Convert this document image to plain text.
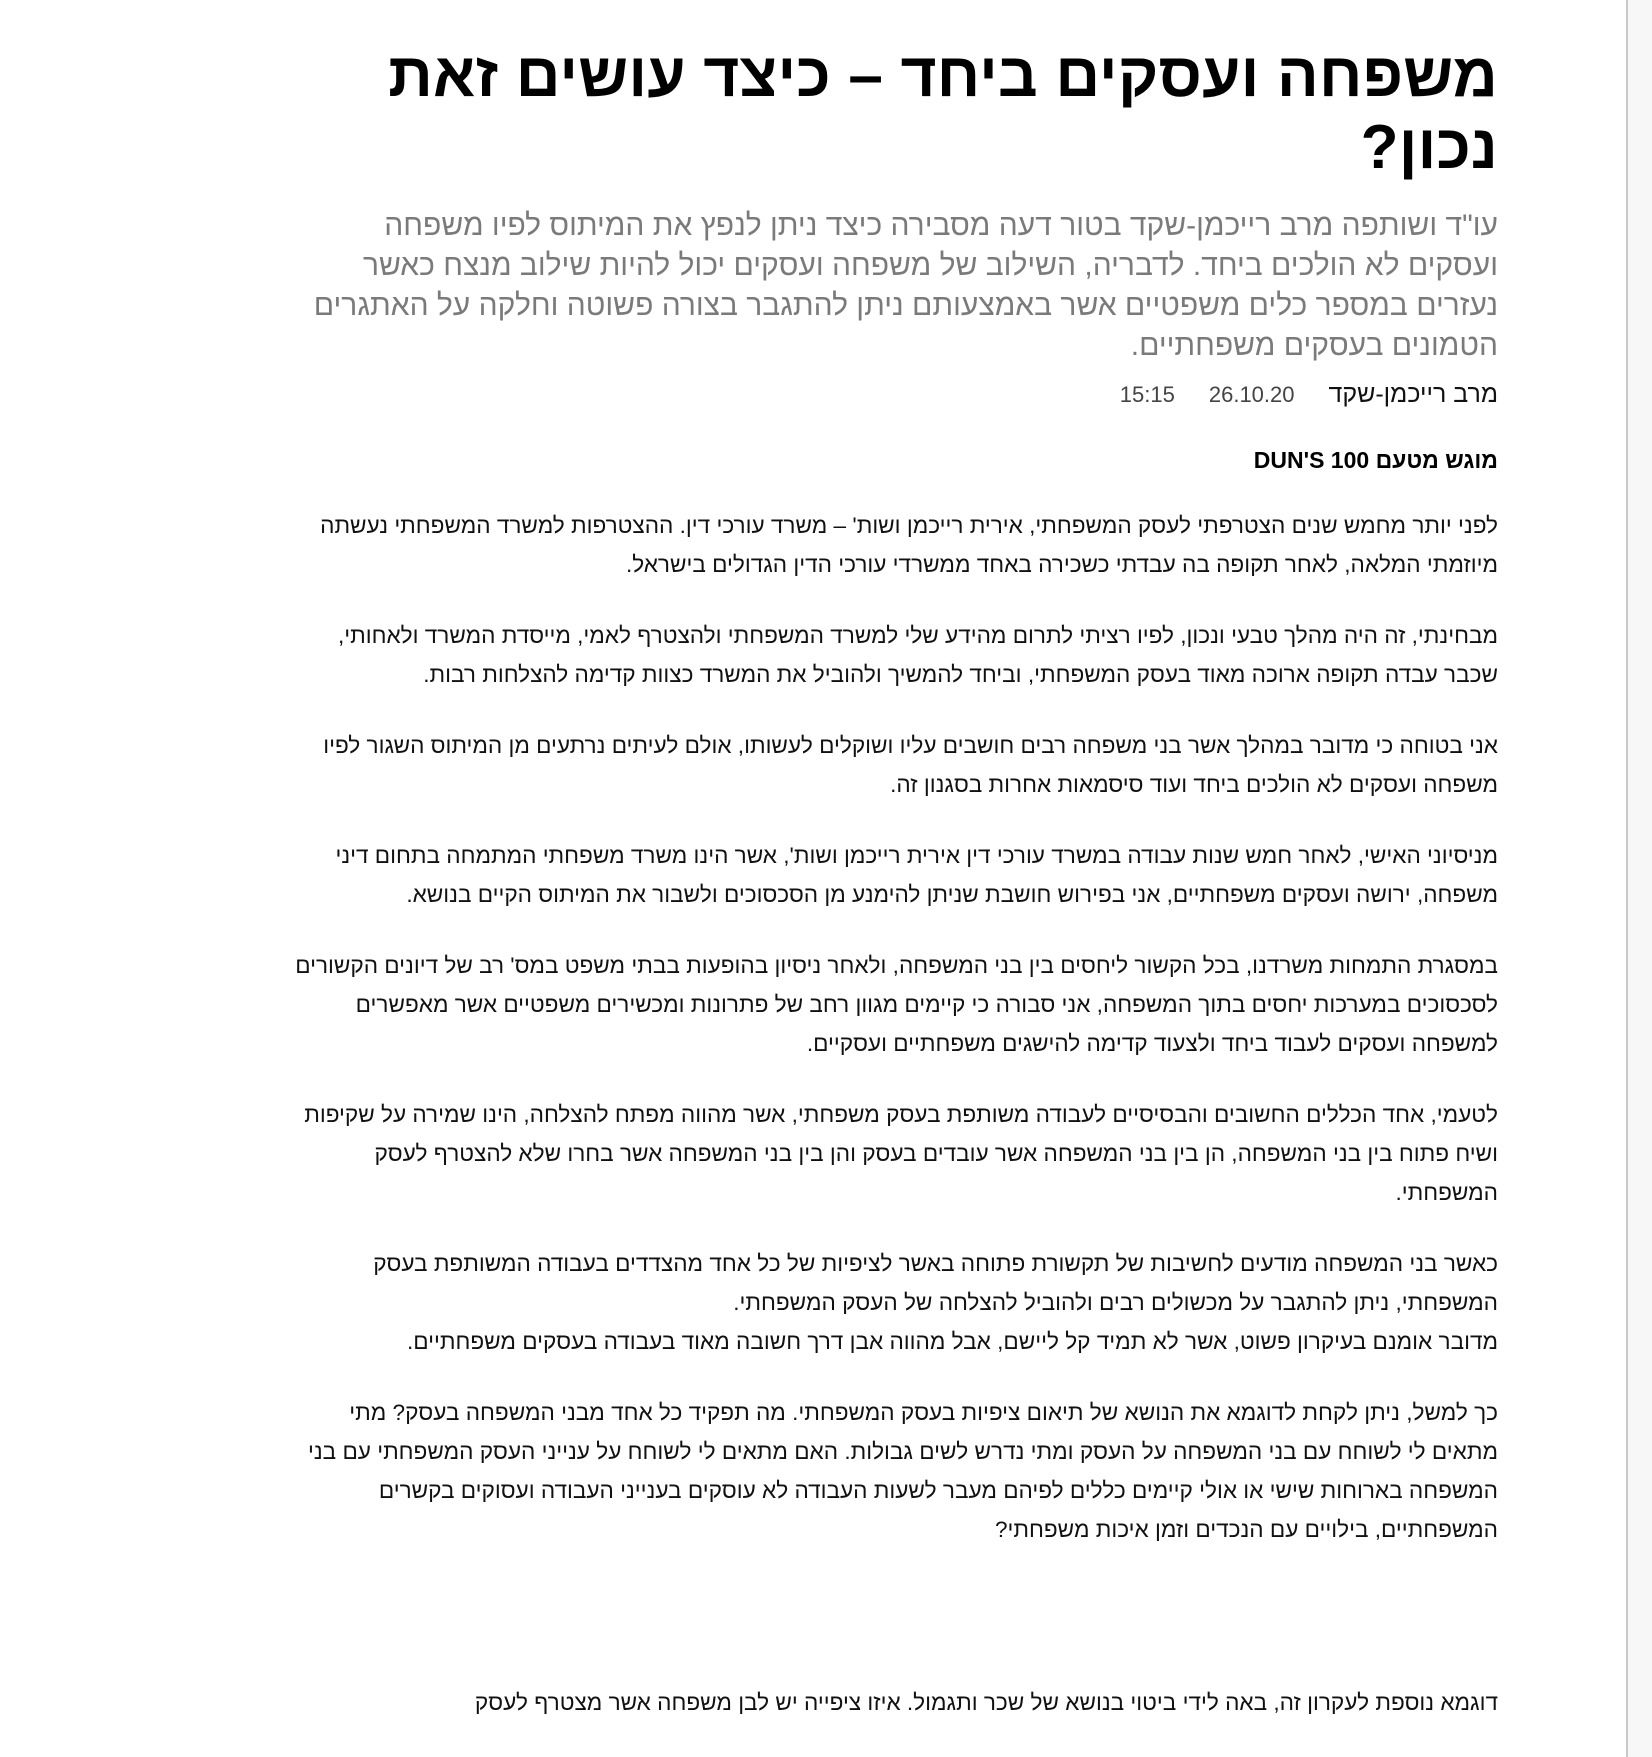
משפחה ועסקים ביחד – כיצד עושים זאת נכון?

עו"ד ושותפה מרב רייכמן-שקד בטור דעה מסבירה כיצד ניתן לנפץ את המיתוס לפיו משפחה ועסקים לא הולכים ביחד. לדבריה, השילוב של משפחה ועסקים יכול להיות שילוב מנצח כאשר נעזרים במספר כלים משפטיים אשר באמצעותם ניתן להתגבר בצורה פשוטה וחלקה על האתגרים הטמונים בעסקים משפחתיים.

מרב רייכמן-שקד
26.10.20
15:15
מוגש מטעם DUN'S 100

לפני יותר מחמש שנים הצטרפתי לעסק המשפחתי, אירית רייכמן ושות' – משרד עורכי דין. ההצטרפות למשרד המשפחתי נעשתה מיוזמתי המלאה, לאחר תקופה בה עבדתי כשכירה באחד ממשרדי עורכי הדין הגדולים בישראל.

מבחינתי, זה היה מהלך טבעי ונכון, לפיו רציתי לתרום מהידע שלי למשרד המשפחתי ולהצטרף לאמי, מייסדת המשרד ולאחותי, שכבר עבדה תקופה ארוכה מאוד בעסק המשפחתי, וביחד להמשיך ולהוביל את המשרד כצוות קדימה להצלחות רבות.

אני בטוחה כי מדובר במהלך אשר בני משפחה רבים חושבים עליו ושוקלים לעשותו, אולם לעיתים נרתעים מן המיתוס השגור לפיו משפחה ועסקים לא הולכים ביחד ועוד סיסמאות אחרות בסגנון זה.

מניסיוני האישי, לאחר חמש שנות עבודה במשרד עורכי דין אירית רייכמן ושות', אשר הינו משרד משפחתי המתמחה בתחום דיני משפחה, ירושה ועסקים משפחתיים, אני בפירוש חושבת שניתן להימנע מן הסכסוכים ולשבור את המיתוס הקיים בנושא.

במסגרת התמחות משרדנו, בכל הקשור ליחסים בין בני המשפחה, ולאחר ניסיון בהופעות בבתי משפט במס' רב של דיונים הקשורים לסכסוכים במערכות יחסים בתוך המשפחה, אני סבורה כי קיימים מגוון רחב של פתרונות ומכשירים משפטיים אשר מאפשרים למשפחה ועסקים לעבוד ביחד ולצעוד קדימה להישגים משפחתיים ועסקיים.

לטעמי, אחד הכללים החשובים והבסיסיים לעבודה משותפת בעסק משפחתי, אשר מהווה מפתח להצלחה, הינו שמירה על שקיפות ושיח פתוח בין בני המשפחה, הן בין בני המשפחה אשר עובדים בעסק והן בין בני המשפחה אשר בחרו שלא להצטרף לעסק המשפחתי.

כאשר בני המשפחה מודעים לחשיבות של תקשורת פתוחה באשר לציפיות של כל אחד מהצדדים בעבודה המשותפת בעסק המשפחתי, ניתן להתגבר על מכשולים רבים ולהוביל להצלחה של העסק המשפחתי.

מדובר אומנם בעיקרון פשוט, אשר לא תמיד קל ליישם, אבל מהווה אבן דרך חשובה מאוד בעבודה בעסקים משפחתיים.

כך למשל, ניתן לקחת לדוגמא את הנושא של תיאום ציפיות בעסק המשפחתי. מה תפקיד כל אחד מבני המשפחה בעסק? מתי מתאים לי לשוחח עם בני המשפחה על העסק ומתי נדרש לשים גבולות. האם מתאים לי לשוחח על ענייני העסק המשפחתי עם בני המשפחה בארוחות שישי או אולי קיימים כללים לפיהם מעבר לשעות העבודה לא עוסקים בענייני העבודה ועסוקים בקשרים המשפחתיים, בילויים עם הנכדים וזמן איכות משפחתי?

דוגמא נוספת לעקרון זה, באה לידי ביטוי בנושא של שכר ותגמול. איזו ציפייה יש לבן משפחה אשר מצטרף לעסק
